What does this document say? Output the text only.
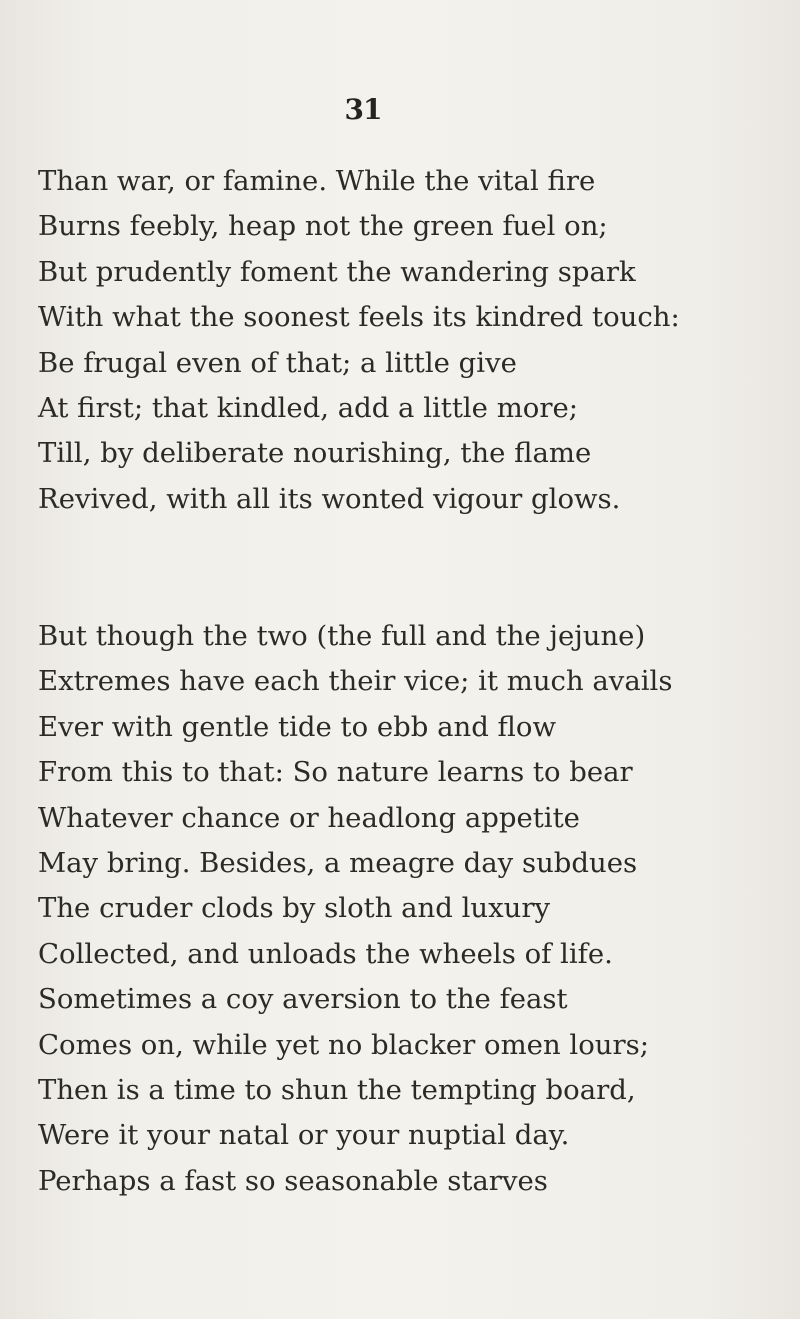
31
Than war, or famine. While the vital fire
Burns feebly, heap not the green fuel on;
But prudently foment the wandering spark
With what the soonest feels its kindred touch:
Be frugal even of that; a little give
At first; that kindled, add a little more;
Till, by deliberate nourishing, the flame
Revived, with all its wonted vigour glows.
But though the two (the full and the jejune)
Extremes have each their vice; it much avails
Ever with gentle tide to ebb and flow
From this to that: So nature learns to bear
Whatever chance or headlong appetite
May bring. Besides, a meagre day subdues
The cruder clods by sloth and luxury
Collected, and unloads the wheels of life.
Sometimes a coy aversion to the feast
Comes on, while yet no blacker omen lours;
Then is a time to shun the tempting board,
Were it your natal or your nuptial day.
Perhaps a fast so seasonable starves
